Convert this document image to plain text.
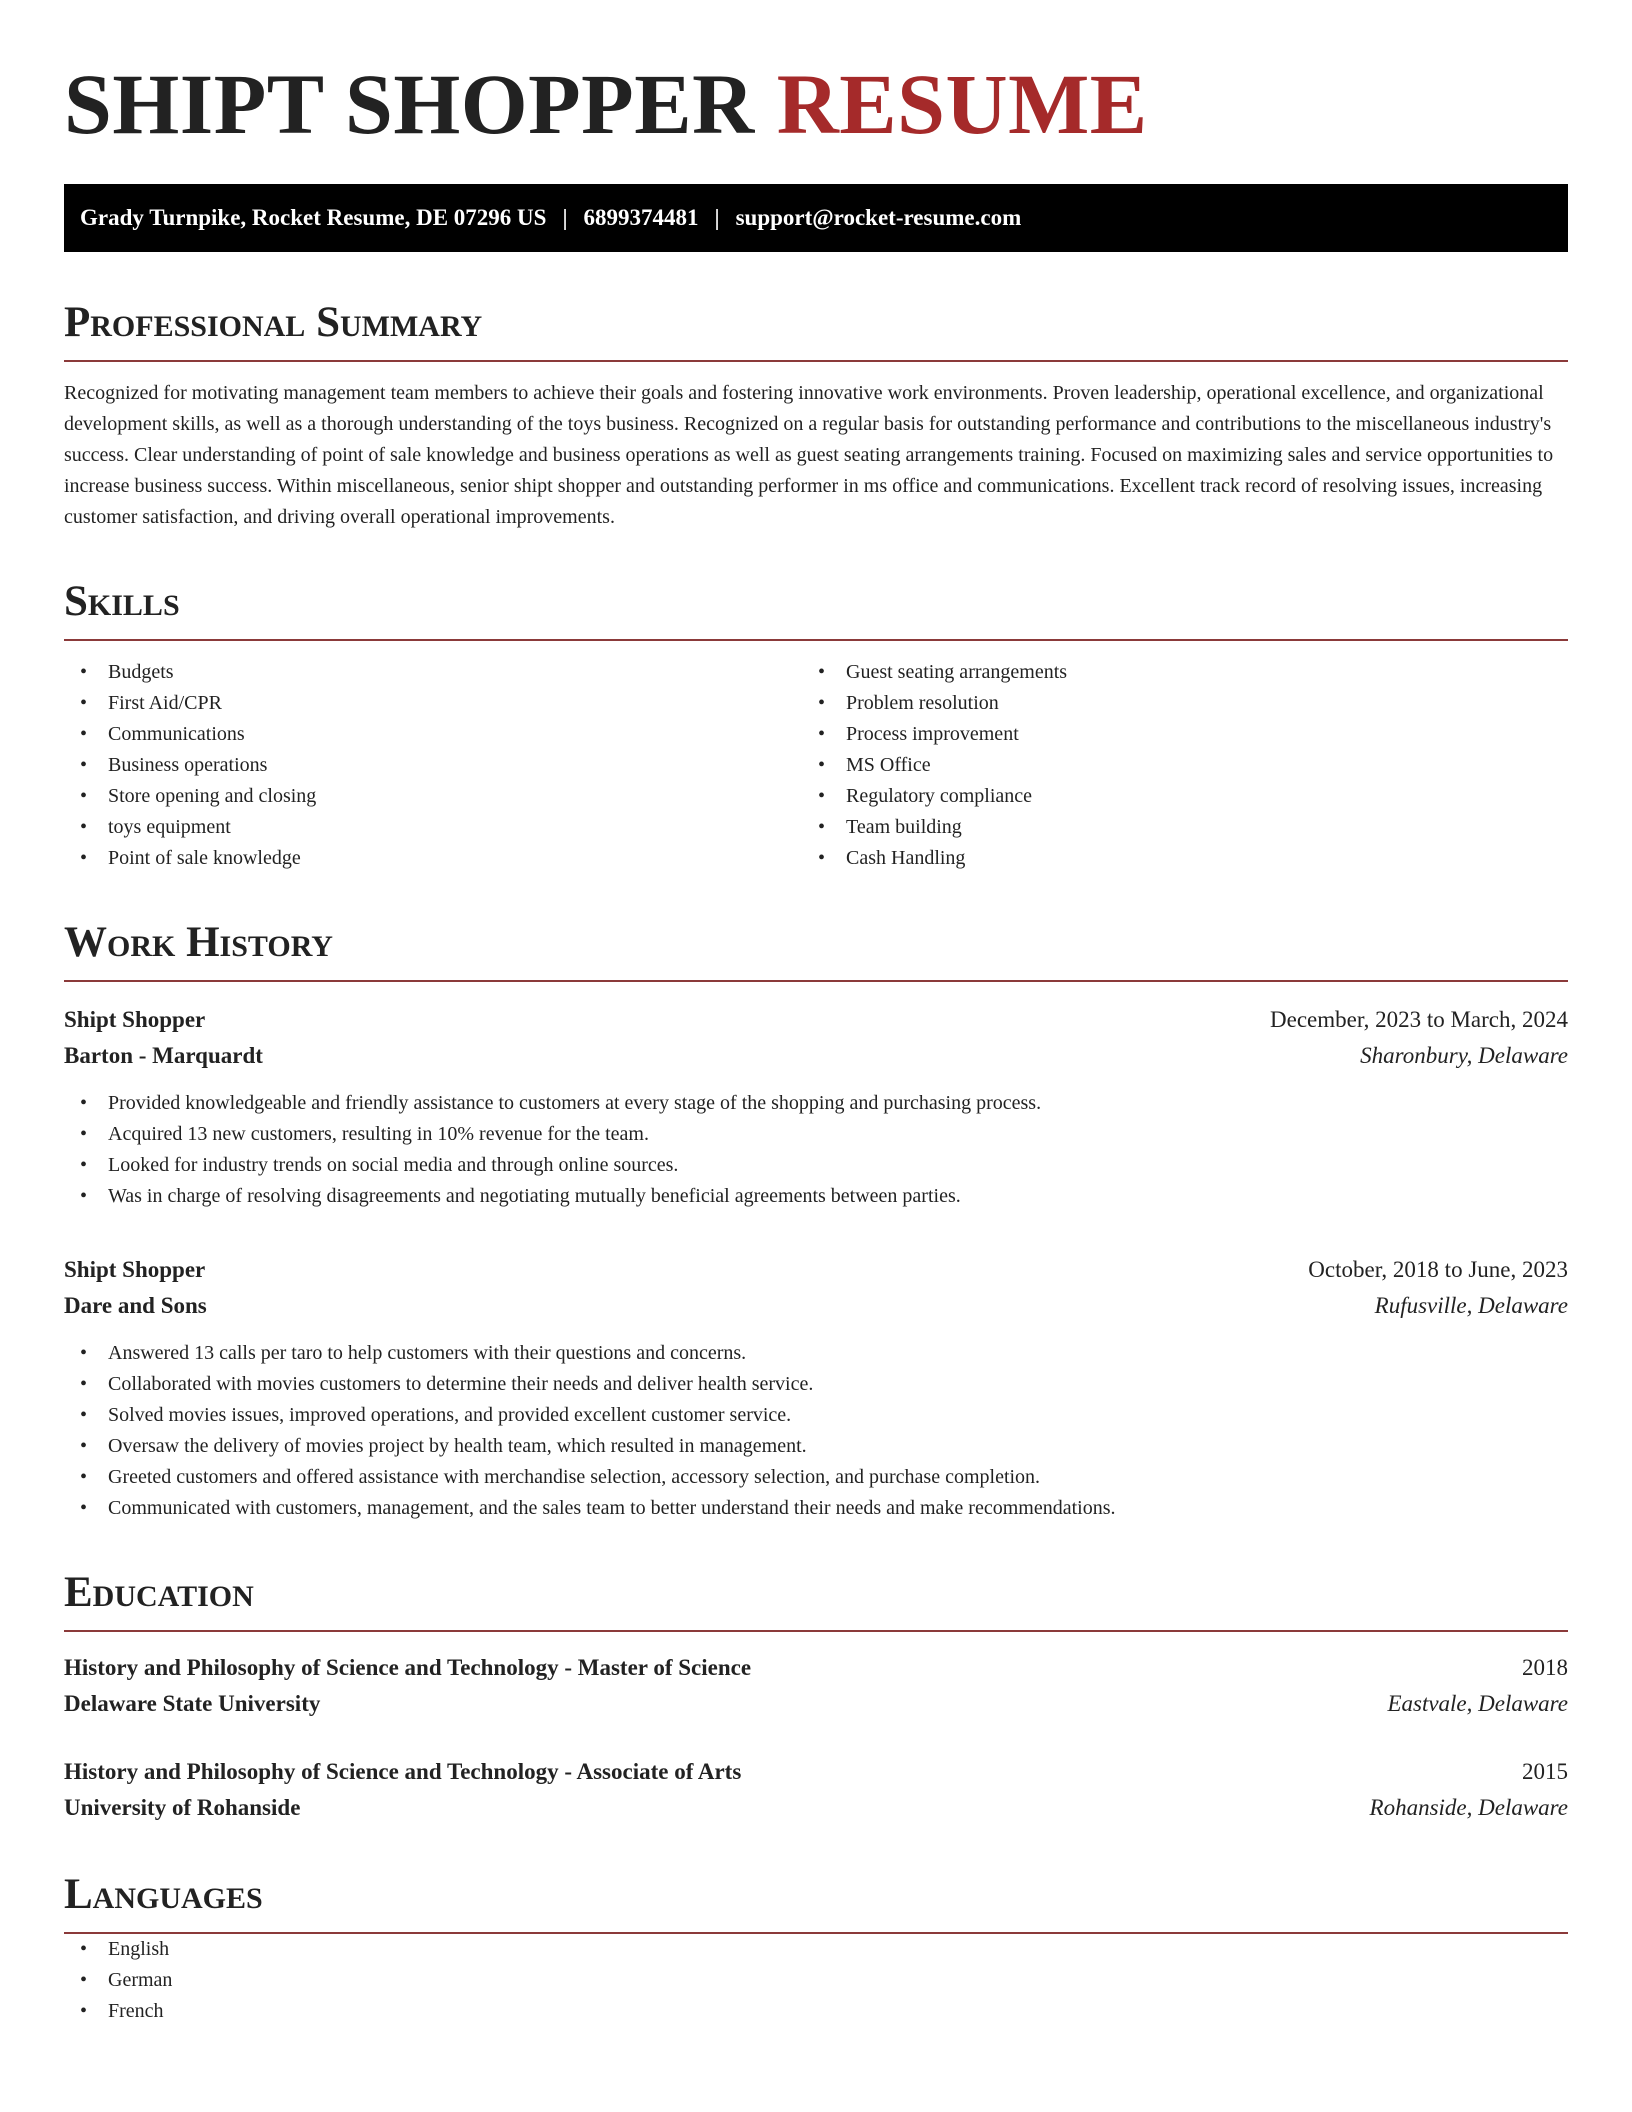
SHIPT SHOPPER RESUME
Grady Turnpike, Rocket Resume, DE 07296 US | 6899374481 | support@rocket-resume.com
Professional Summary

Recognized for motivating management team members to achieve their goals and fostering innovative work environments. Proven leadership, operational excellence, and organizational development skills, as well as a thorough understanding of the toys business. Recognized on a regular basis for outstanding performance and contributions to the miscellaneous industry's success. Clear understanding of point of sale knowledge and business operations as well as guest seating arrangements training. Focused on maximizing sales and service opportunities to increase business success. Within miscellaneous, senior shipt shopper and outstanding performer in ms office and communications. Excellent track record of resolving issues, increasing customer satisfaction, and driving overall operational improvements.

Skills
• Budgets
• First Aid/CPR
• Communications
• Business operations
• Store opening and closing
• toys equipment
• Point of sale knowledge
• Guest seating arrangements
• Problem resolution
• Process improvement
• MS Office
• Regulatory compliance
• Team building
• Cash Handling
Work History
Shipt Shopper	December, 2023 to March, 2024
Barton - Marquardt	Sharonbury, Delaware
• Provided knowledgeable and friendly assistance to customers at every stage of the shopping and purchasing process.
• Acquired 13 new customers, resulting in 10% revenue for the team.
• Looked for industry trends on social media and through online sources.
• Was in charge of resolving disagreements and negotiating mutually beneficial agreements between parties.
Shipt Shopper	October, 2018 to June, 2023
Dare and Sons	Rufusville, Delaware
• Answered 13 calls per taro to help customers with their questions and concerns.
• Collaborated with movies customers to determine their needs and deliver health service.
• Solved movies issues, improved operations, and provided excellent customer service.
• Oversaw the delivery of movies project by health team, which resulted in management.
• Greeted customers and offered assistance with merchandise selection, accessory selection, and purchase completion.
• Communicated with customers, management, and the sales team to better understand their needs and make recommendations.
Education
History and Philosophy of Science and Technology - Master of Science	2018
Delaware State University	Eastvale, Delaware
History and Philosophy of Science and Technology - Associate of Arts	2015
University of Rohanside	Rohanside, Delaware
Languages
• English
• German
• French
